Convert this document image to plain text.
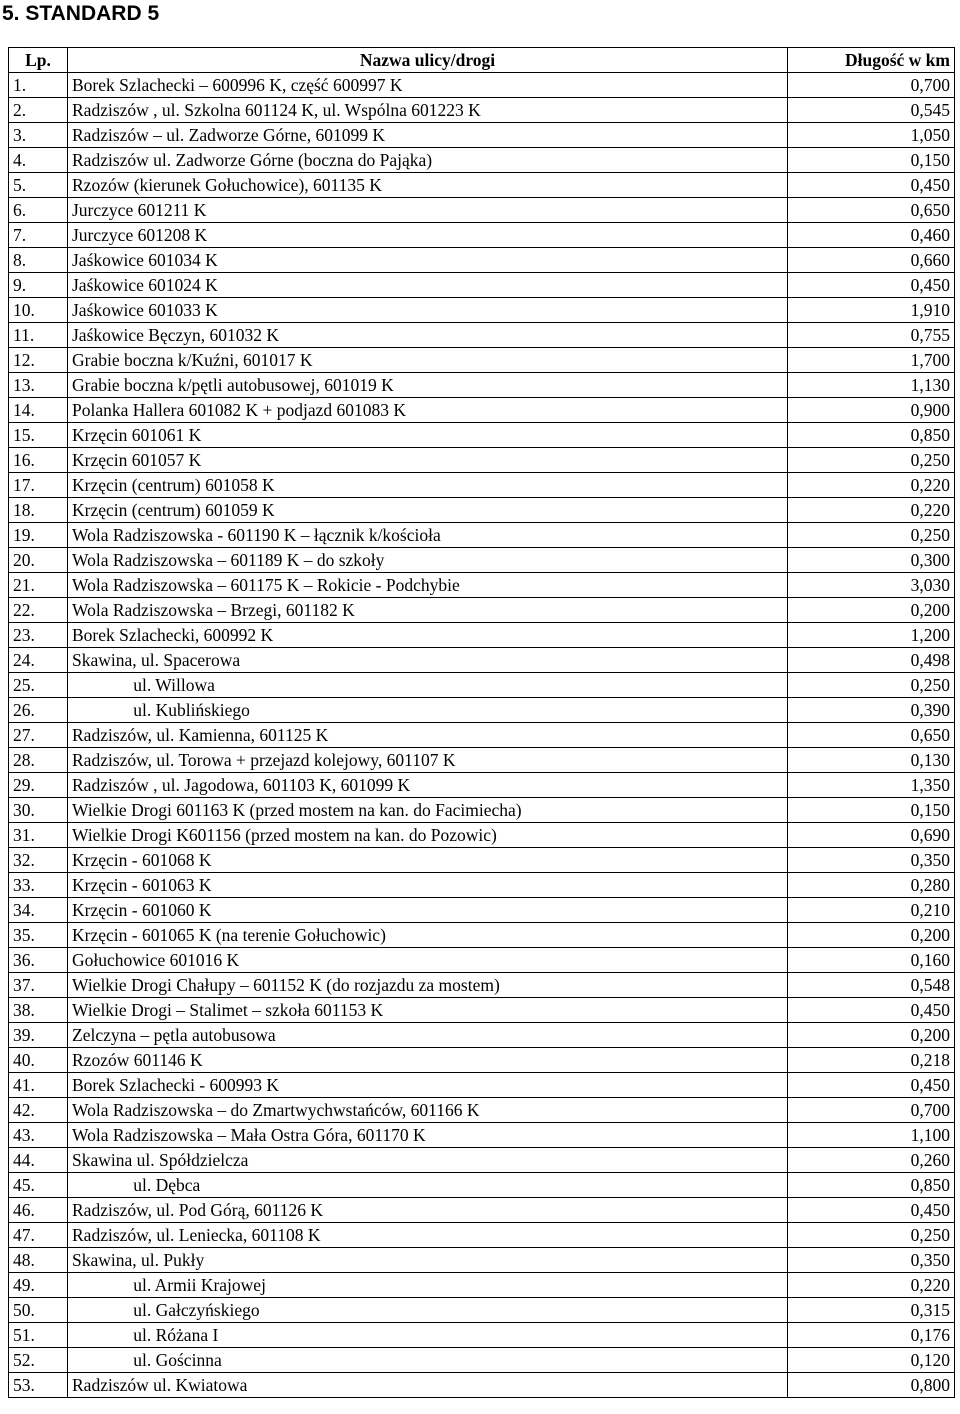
5. STANDARD 5
Lp.	Nazwa ulicy/drogi	Długość w km
1.	Borek Szlachecki – 600996 K, część 600997 K	0,700
2.	Radziszów , ul. Szkolna 601124 K, ul. Wspólna 601223 K	0,545
3.	Radziszów – ul. Zadworze Górne, 601099 K	1,050
4.	Radziszów ul. Zadworze Górne (boczna do Pająka)	0,150
5.	Rzozów (kierunek Gołuchowice), 601135 K	0,450
6.	Jurczyce 601211 K	0,650
7.	Jurczyce 601208 K	0,460
8.	Jaśkowice 601034 K	0,660
9.	Jaśkowice 601024 K	0,450
10.	Jaśkowice 601033 K	1,910
11.	Jaśkowice Bęczyn, 601032 K	0,755
12.	Grabie boczna k/Kuźni, 601017 K	1,700
13.	Grabie boczna k/pętli autobusowej, 601019 K	1,130
14.	Polanka Hallera 601082 K + podjazd 601083 K	0,900
15.	Krzęcin 601061 K	0,850
16.	Krzęcin 601057 K	0,250
17.	Krzęcin (centrum) 601058 K	0,220
18.	Krzęcin (centrum) 601059 K	0,220
19.	Wola Radziszowska - 601190 K – łącznik k/kościoła	0,250
20.	Wola Radziszowska – 601189 K – do szkoły	0,300
21.	Wola Radziszowska – 601175 K – Rokicie - Podchybie	3,030
22.	Wola Radziszowska – Brzegi, 601182 K	0,200
23.	Borek Szlachecki, 600992 K	1,200
24.	Skawina, ul. Spacerowa	0,498
25.	ul. Willowa	0,250
26.	ul. Kublińskiego	0,390
27.	Radziszów, ul. Kamienna, 601125 K	0,650
28.	Radziszów, ul. Torowa + przejazd kolejowy, 601107 K	0,130
29.	Radziszów , ul. Jagodowa, 601103 K, 601099 K	1,350
30.	Wielkie Drogi 601163 K (przed mostem na kan. do Facimiecha)	0,150
31.	Wielkie Drogi K601156 (przed mostem na kan. do Pozowic)	0,690
32.	Krzęcin - 601068 K	0,350
33.	Krzęcin - 601063 K	0,280
34.	Krzęcin - 601060 K	0,210
35.	Krzęcin - 601065 K (na terenie Gołuchowic)	0,200
36.	Gołuchowice 601016 K	0,160
37.	Wielkie Drogi Chałupy – 601152 K (do rozjazdu za mostem)	0,548
38.	Wielkie Drogi – Stalimet – szkoła 601153 K	0,450
39.	Zelczyna – pętla autobusowa	0,200
40.	Rzozów 601146 K	0,218
41.	Borek Szlachecki - 600993 K	0,450
42.	Wola Radziszowska – do Zmartwychwstańców, 601166 K	0,700
43.	Wola Radziszowska – Mała Ostra Góra, 601170 K	1,100
44.	Skawina ul. Spółdzielcza	0,260
45.	ul. Dębca	0,850
46.	Radziszów, ul. Pod Górą, 601126 K	0,450
47.	Radziszów, ul. Leniecka, 601108 K	0,250
48.	Skawina, ul. Pukły	0,350
49.	ul. Armii Krajowej	0,220
50.	ul. Gałczyńskiego	0,315
51.	ul. Różana I	0,176
52.	ul. Gościnna	0,120
53.	Radziszów ul. Kwiatowa	0,800
